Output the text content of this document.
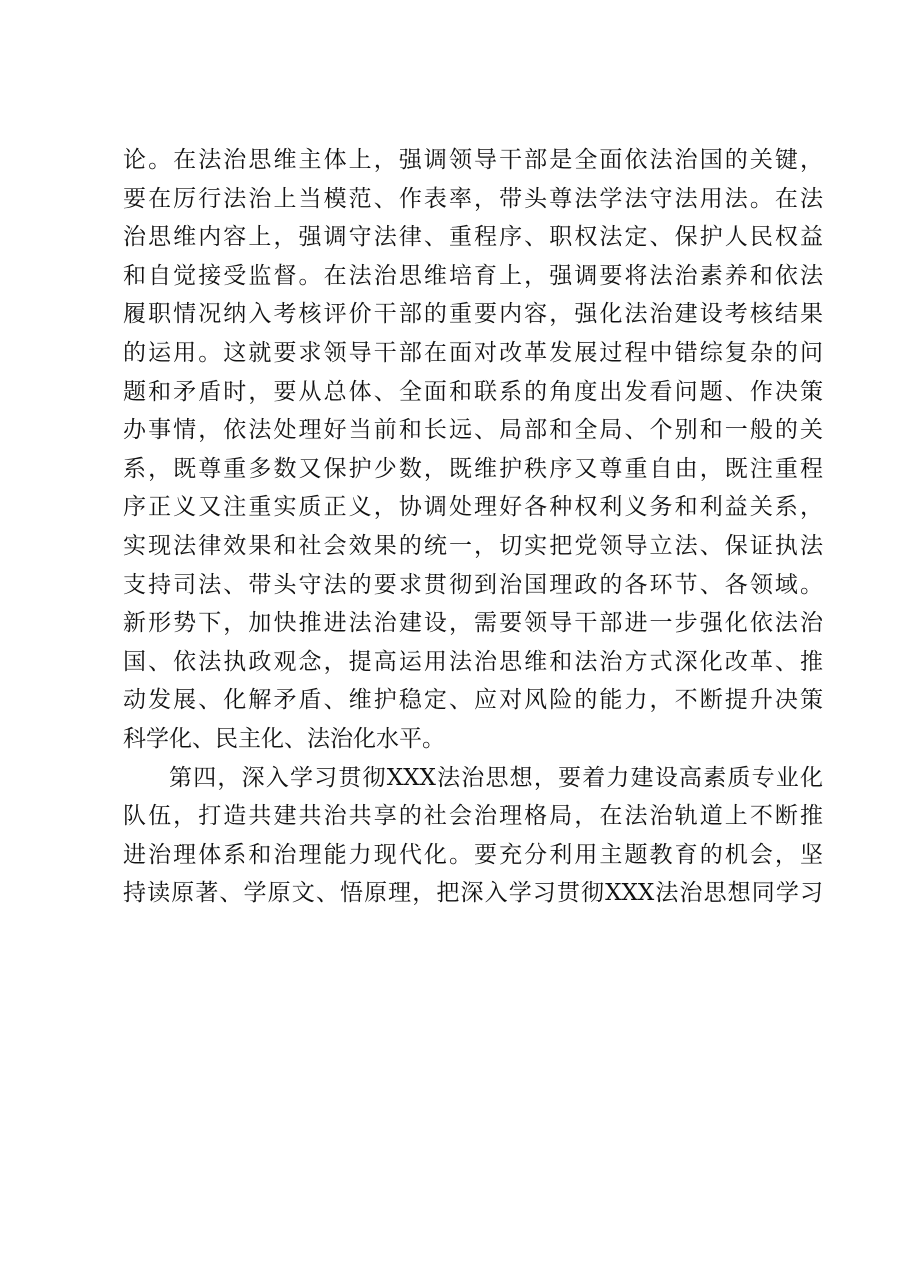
论。在法治思维主体上，强调领导干部是全面依法治国的关键，
要在厉行法治上当模范、作表率，带头尊法学法守法用法。在法
治思维内容上，强调守法律、重程序、职权法定、保护人民权益
和自觉接受监督。在法治思维培育上，强调要将法治素养和依法
履职情况纳入考核评价干部的重要内容，强化法治建设考核结果
的运用。这就要求领导干部在面对改革发展过程中错综复杂的问
题和矛盾时，要从总体、全面和联系的角度出发看问题、作决策
办事情，依法处理好当前和长远、局部和全局、个别和一般的关
系，既尊重多数又保护少数，既维护秩序又尊重自由，既注重程
序正义又注重实质正义，协调处理好各种权利义务和利益关系，
实现法律效果和社会效果的统一，切实把党领导立法、保证执法
支持司法、带头守法的要求贯彻到治国理政的各环节、各领域。
新形势下，加快推进法治建设，需要领导干部进一步强化依法治
国、依法执政观念，提高运用法治思维和法治方式深化改革、推
动发展、化解矛盾、维护稳定、应对风险的能力，不断提升决策
科学化、民主化、法治化水平。
第四，深入学习贯彻XXX法治思想，要着力建设高素质专业化
队伍，打造共建共治共享的社会治理格局，在法治轨道上不断推
进治理体系和治理能力现代化。要充分利用主题教育的机会，坚
持读原著、学原文、悟原理，把深入学习贯彻XXX法治思想同学习
